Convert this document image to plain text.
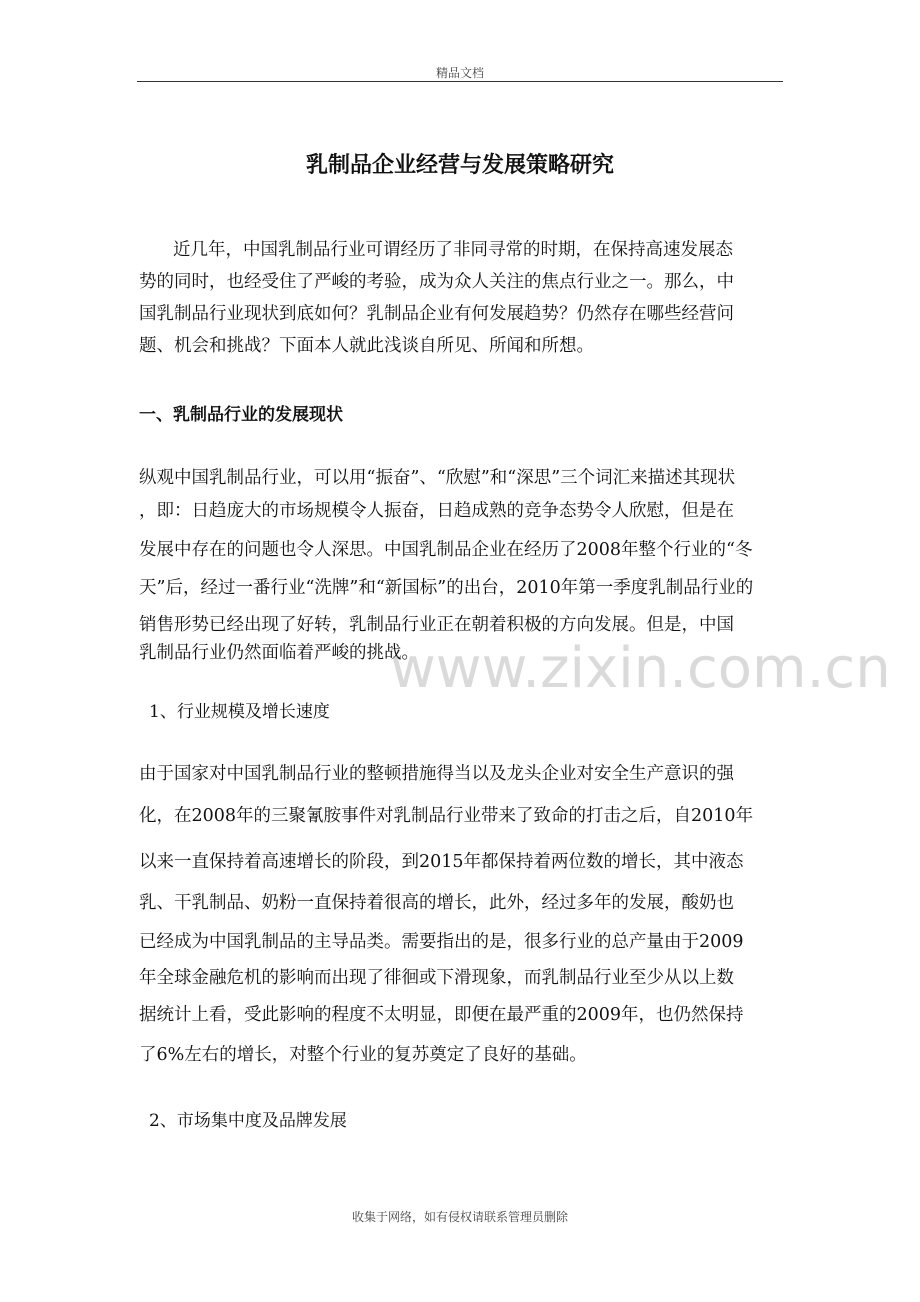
精品文档
乳制品企业经营与发展策略研究
近几年，中国乳制品行业可谓经历了非同寻常的时期，在保持高速发展态
势的同时，也经受住了严峻的考验，成为众人关注的焦点行业之一。那么，中
国乳制品行业现状到底如何？乳制品企业有何发展趋势？仍然存在哪些经营问
题、机会和挑战？下面本人就此浅谈自所见、所闻和所想。
一、乳制品行业的发展现状
纵观中国乳制品行业，可以用“振奋”、“欣慰”和“深思”三个词汇来描述其现状
，即：日趋庞大的市场规模令人振奋，日趋成熟的竞争态势令人欣慰，但是在
发展中存在的问题也令人深思。中国乳制品企业在经历了2008年整个行业的“冬
天”后，经过一番行业“洗牌”和“新国标”的出台，2010年第一季度乳制品行业的
销售形势已经出现了好转，乳制品行业正在朝着积极的方向发展。但是，中国
乳制品行业仍然面临着严峻的挑战。
www.zixin.com.cn
1、行业规模及增长速度
由于国家对中国乳制品行业的整顿措施得当以及龙头企业对安全生产意识的强
化，在2008年的三聚氰胺事件对乳制品行业带来了致命的打击之后，自2010年
以来一直保持着高速增长的阶段，到2015年都保持着两位数的增长，其中液态
乳、干乳制品、奶粉一直保持着很高的增长，此外，经过多年的发展，酸奶也
已经成为中国乳制品的主导品类。需要指出的是，很多行业的总产量由于2009
年全球金融危机的影响而出现了徘徊或下滑现象，而乳制品行业至少从以上数
据统计上看，受此影响的程度不太明显，即便在最严重的2009年，也仍然保持
了6%左右的增长，对整个行业的复苏奠定了良好的基础。
2、市场集中度及品牌发展
收集于网络，如有侵权请联系管理员删除
